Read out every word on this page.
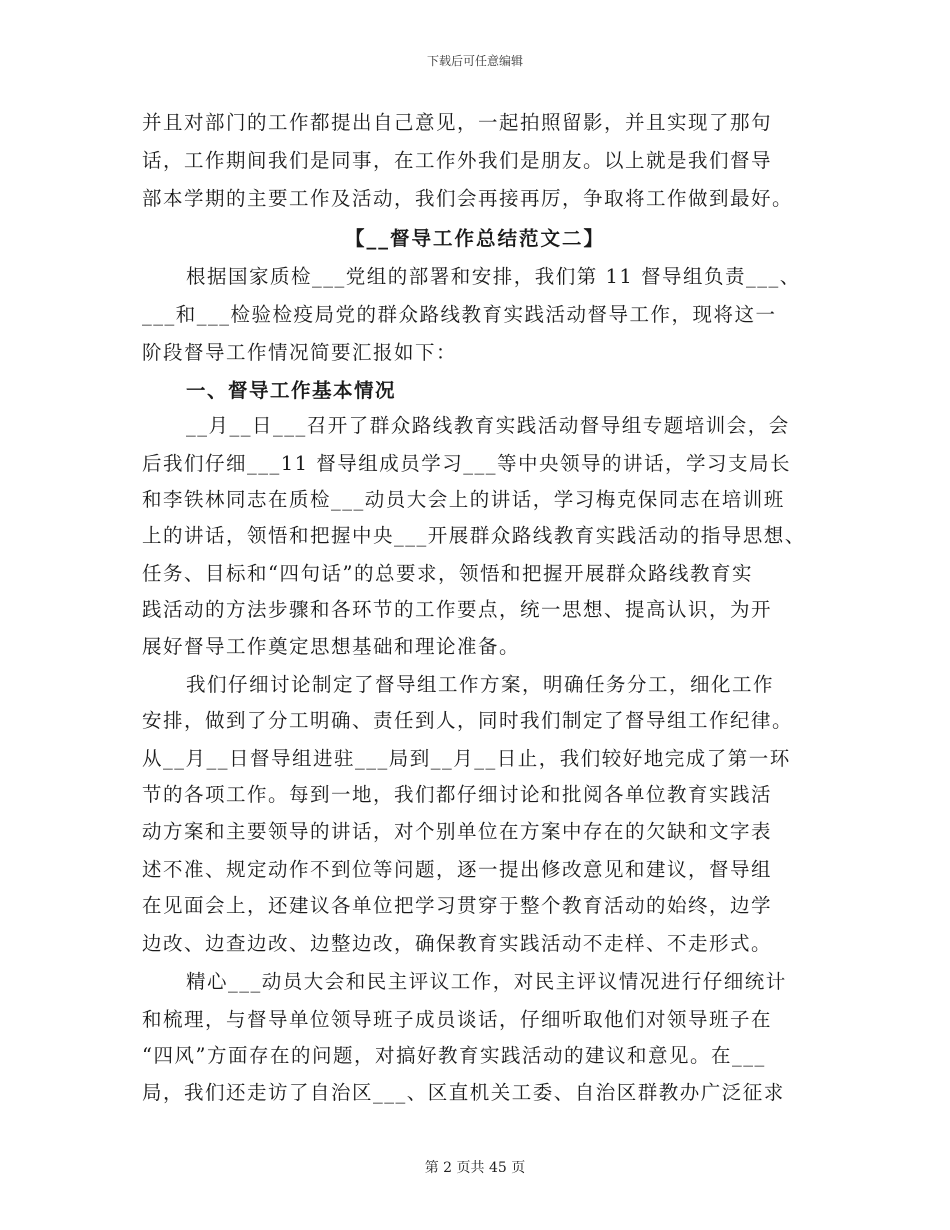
下载后可任意编辑
并且对部门的工作都提出自己意见，一起拍照留影，并且实现了那句
话，工作期间我们是同事，在工作外我们是朋友。以上就是我们督导
部本学期的主要工作及活动，我们会再接再厉，争取将工作做到最好。
【__督导工作总结范文二】
根据国家质检___党组的部署和安排，我们第 11 督导组负责___、
___和___检验检疫局党的群众路线教育实践活动督导工作，现将这一
阶段督导工作情况简要汇报如下：
一、督导工作基本情况
__月__日___召开了群众路线教育实践活动督导组专题培训会，会
后我们仔细___11 督导组成员学习___等中央领导的讲话，学习支局长
和李铁林同志在质检___动员大会上的讲话，学习梅克保同志在培训班
上的讲话，领悟和把握中央___开展群众路线教育实践活动的指导思想、
任务、目标和“四句话”的总要求，领悟和把握开展群众路线教育实
践活动的方法步骤和各环节的工作要点，统一思想、提高认识，为开
展好督导工作奠定思想基础和理论准备。
我们仔细讨论制定了督导组工作方案，明确任务分工，细化工作
安排，做到了分工明确、责任到人，同时我们制定了督导组工作纪律。
从__月__日督导组进驻___局到__月__日止，我们较好地完成了第一环
节的各项工作。每到一地，我们都仔细讨论和批阅各单位教育实践活
动方案和主要领导的讲话，对个别单位在方案中存在的欠缺和文字表
述不准、规定动作不到位等问题，逐一提出修改意见和建议，督导组
在见面会上，还建议各单位把学习贯穿于整个教育活动的始终，边学
边改、边查边改、边整边改，确保教育实践活动不走样、不走形式。
精心___动员大会和民主评议工作，对民主评议情况进行仔细统计
和梳理，与督导单位领导班子成员谈话，仔细听取他们对领导班子在
“四风”方面存在的问题，对搞好教育实践活动的建议和意见。在___
局，我们还走访了自治区___、区直机关工委、自治区群教办广泛征求
第 2 页共 45 页
